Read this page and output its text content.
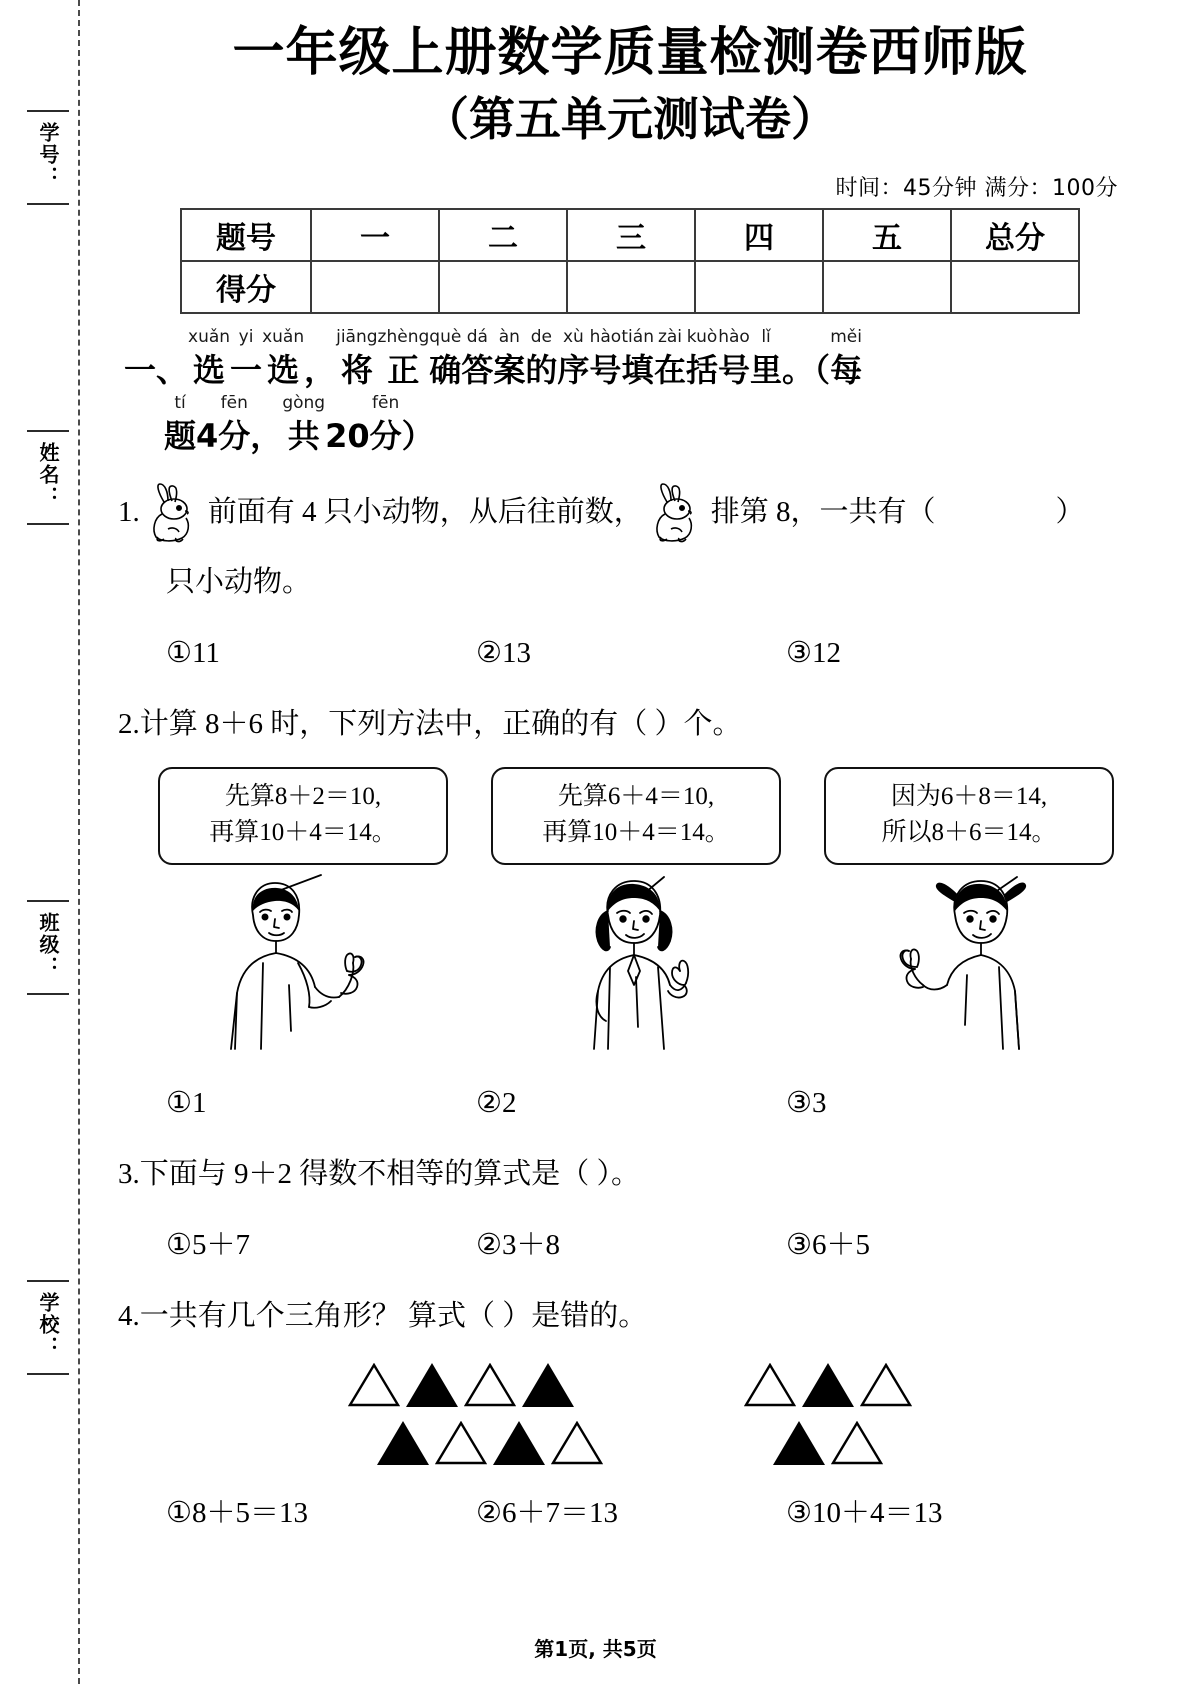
学号：
姓名：
班级：
学校：
一年级上册数学质量检测卷西师版
（第五单元测试卷）
时间：45分钟 满分：100分
题号	一	二	三	四	五	总分
得分						
一、
xuǎn
选
yi
一
xuǎn
选 ，
jiāng
将
zhèng
正
què
确
dá
答
àn
案
de
的
xù
序
hào
号
tián
填
zài
在
kuò
括
hào
号
lǐ
里 。（
měi
每
tí
题 4
fēn
分 ，
gòng
共 20
fēn
分 ）
1. 前面有 4 只小动物，从后往前数， 排第 8，一共有（	）
只小动物。
①11	②13	③12
2. 计算 8＋6 时，下列方法中，正确的有（ ）个。
先算8＋2＝10,
再算10＋4＝14。
先算6＋4＝10,
再算10＋4＝14。
因为6＋8＝14,
所以8＋6＝14。
①1	②2	③3
3. 下面与 9＋2 得数不相等的算式是（ ）。
①5＋7	②3＋8	③6＋5
4. 一共有几个三角形？ 算式（ ）是错的。
①8＋5＝13	②6＋7＝13	③10＋4＝13
第1页, 共5页
